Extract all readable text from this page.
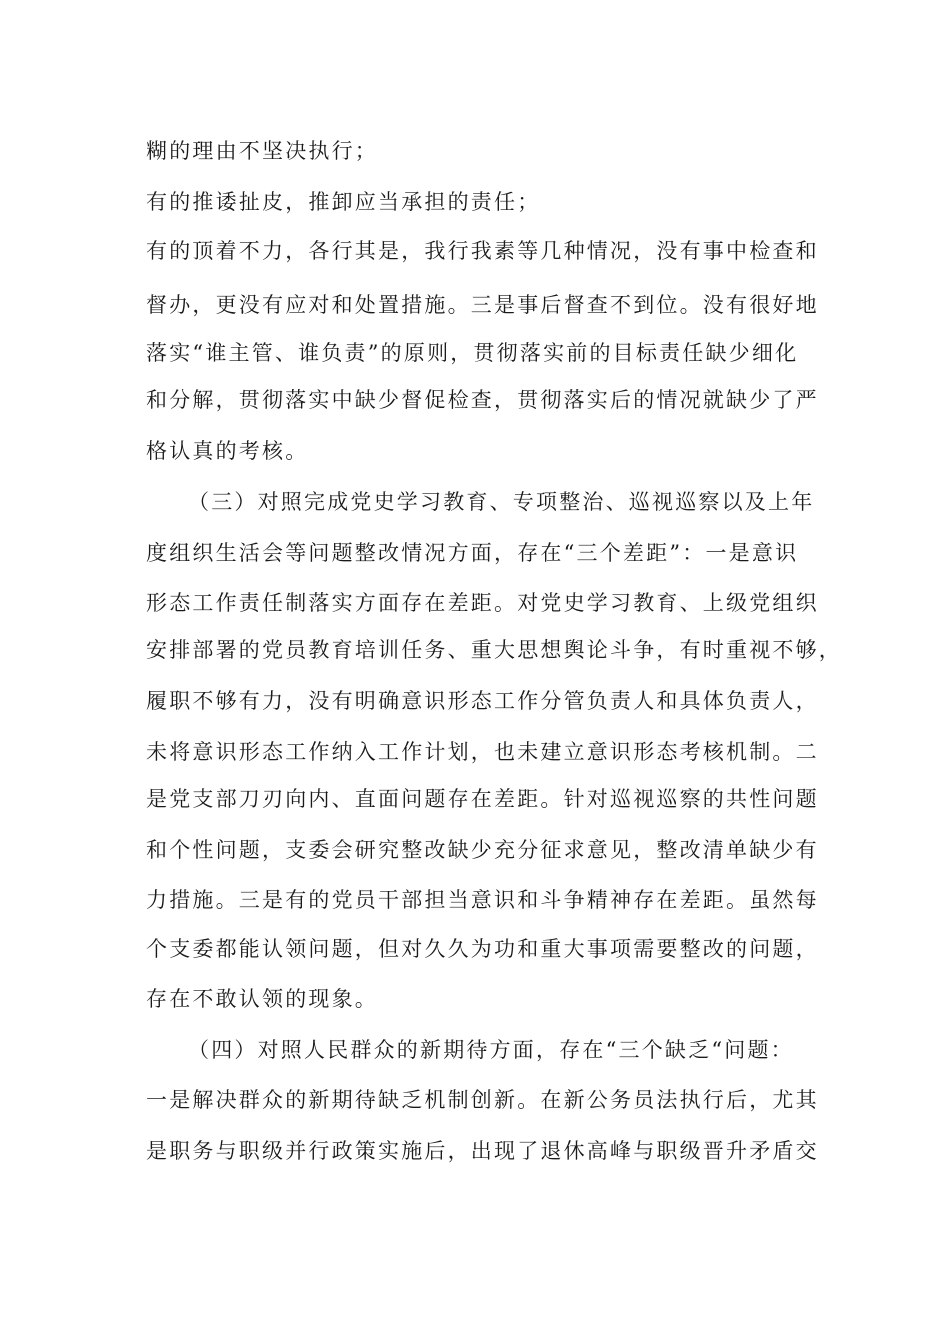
糊的理由不坚决执行；
有的推诿扯皮，推卸应当承担的责任；
有的顶着不力，各行其是，我行我素等几种情况，没有事中检查和
督办，更没有应对和处置措施。三是事后督查不到位。没有很好地
落实“谁主管、谁负责”的原则，贯彻落实前的目标责任缺少细化
和分解，贯彻落实中缺少督促检查，贯彻落实后的情况就缺少了严
格认真的考核。
（三）对照完成党史学习教育、专项整治、巡视巡察以及上年
度组织生活会等问题整改情况方面，存在“三个差距”：一是意识
形态工作责任制落实方面存在差距。对党史学习教育、上级党组织
安排部署的党员教育培训任务、重大思想舆论斗争，有时重视不够，
履职不够有力，没有明确意识形态工作分管负责人和具体负责人，
未将意识形态工作纳入工作计划，也未建立意识形态考核机制。二
是党支部刀刃向内、直面问题存在差距。针对巡视巡察的共性问题
和个性问题，支委会研究整改缺少充分征求意见，整改清单缺少有
力措施。三是有的党员干部担当意识和斗争精神存在差距。虽然每
个支委都能认领问题，但对久久为功和重大事项需要整改的问题，
存在不敢认领的现象。
（四）对照人民群众的新期待方面，存在“三个缺乏“问题：
一是解决群众的新期待缺乏机制创新。在新公务员法执行后，尤其
是职务与职级并行政策实施后，出现了退休高峰与职级晋升矛盾交
